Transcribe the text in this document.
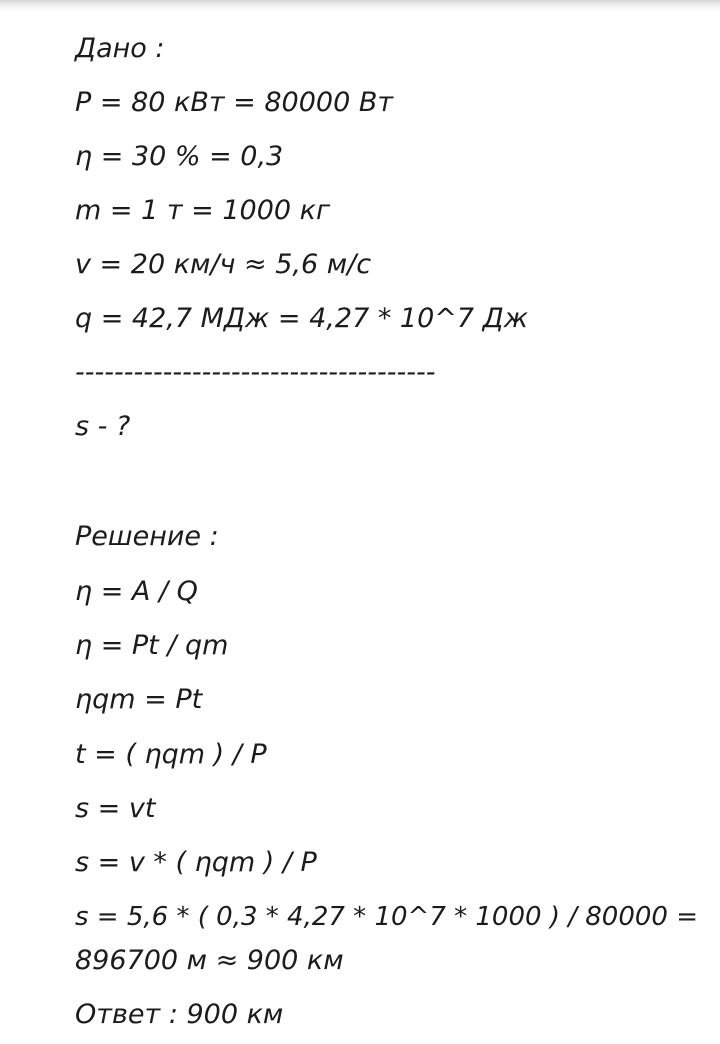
Дано :
P = 80 кВт = 80000 Вт
η = 30 % = 0,3
m = 1 т = 1000 кг
v = 20 км/ч ≈ 5,6 м/с
q = 42,7 МДж = 4,27 * 10^7 Дж
-------------------------------------
s - ?
Решение :
η = A / Q
η = Pt / qm
ηqm = Pt
t = ( ηqm ) / P
s = vt
s = v * ( ηqm ) / P
s = 5,6 * ( 0,3 * 4,27 * 10^7 * 1000 ) / 80000 =
896700 м ≈ 900 км
Ответ : 900 км
